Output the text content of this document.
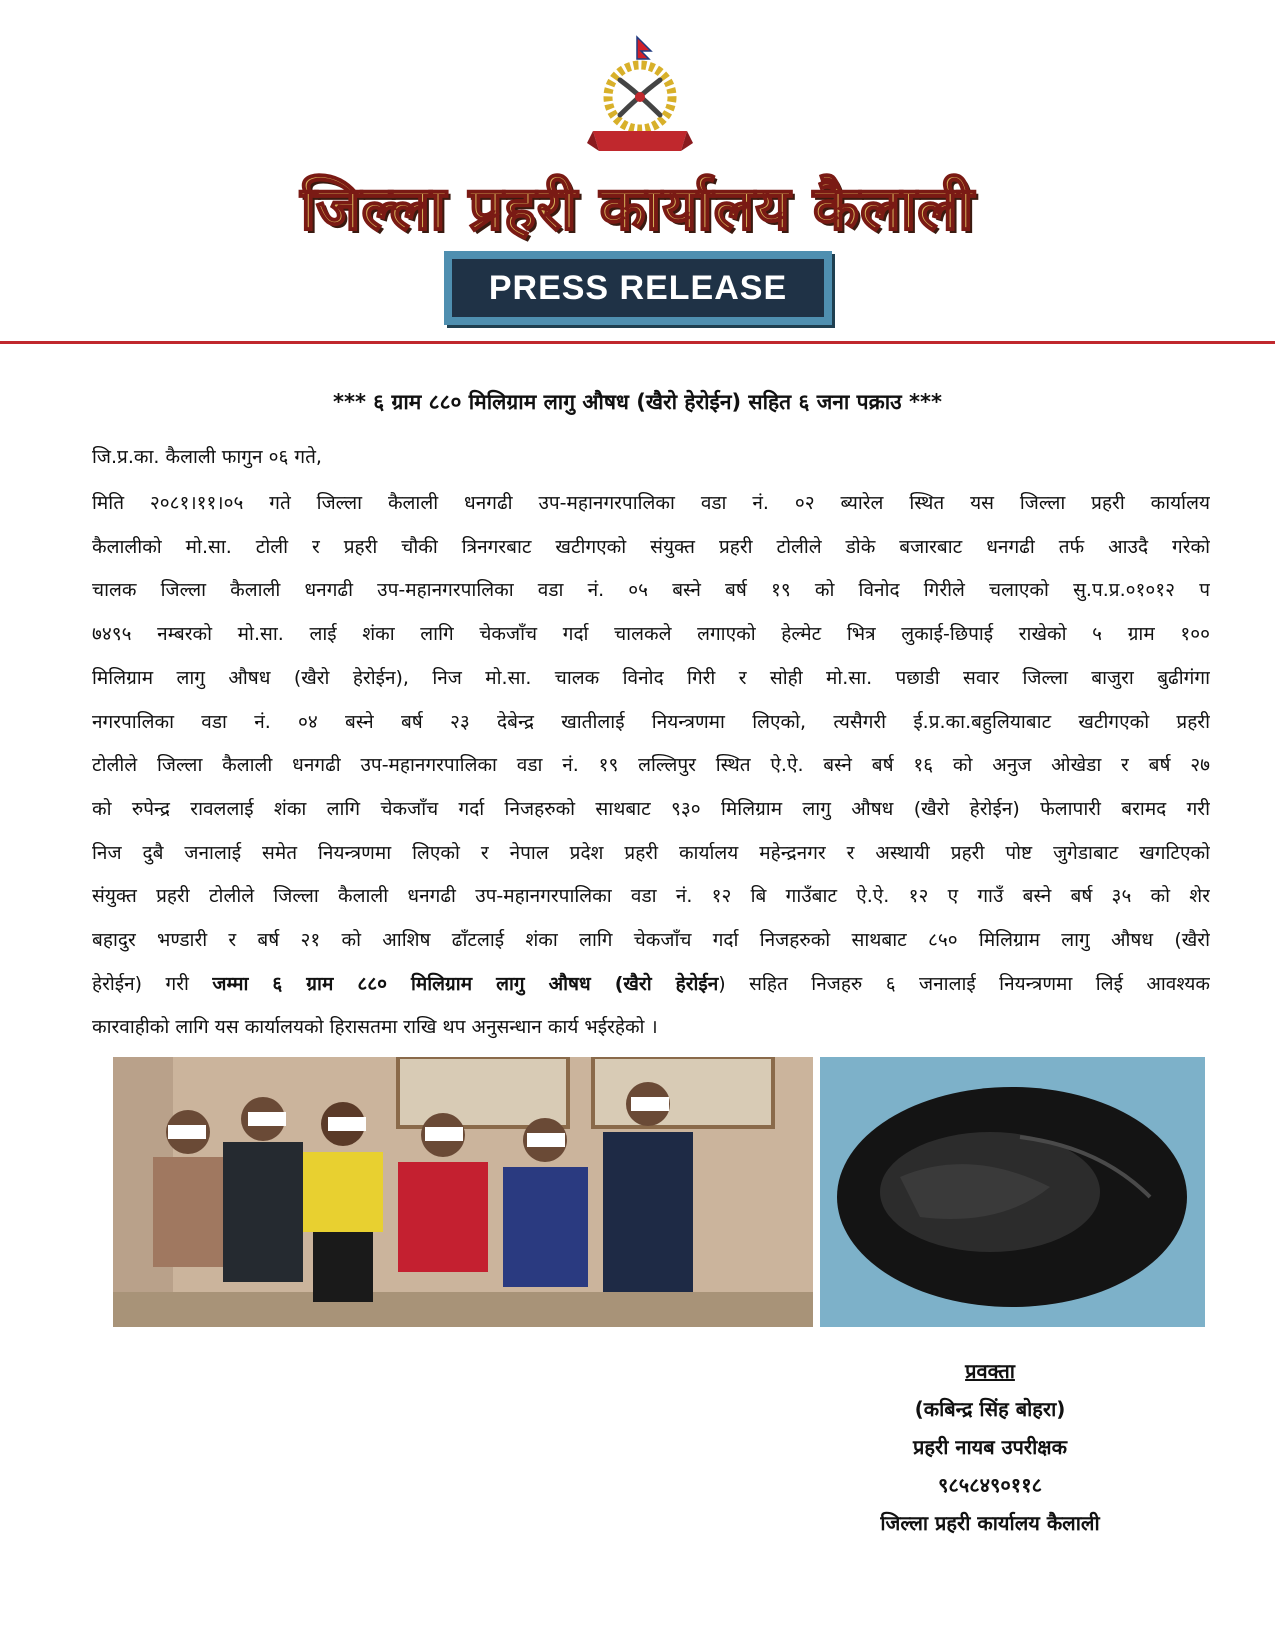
जिल्ला प्रहरी कार्यालय कैलाली
PRESS RELEASE
*** ६ ग्राम ८८० मिलिग्राम लागु औषध (खैरो हेरोईन) सहित ६ जना पक्राउ ***
जि.प्र.का. कैलाली फागुन ०६ गते,
मिति २०८१।११।०५ गते जिल्ला कैलाली धनगढी उप-महानगरपालिका वडा नं. ०२ ब्यारेल स्थित यस जिल्ला प्रहरी कार्यालय
कैलालीको मो.सा. टोली र प्रहरी चौकी त्रिनगरबाट खटीगएको संयुक्त प्रहरी टोलीले डोके बजारबाट धनगढी तर्फ आउदै गरेको
चालक जिल्ला कैलाली धनगढी उप-महानगरपालिका वडा नं. ०५ बस्ने बर्ष १९ को विनोद गिरीले चलाएको सु.प.प्र.०१०१२ प
७४९५ नम्बरको मो.सा. लाई शंका लागि चेकजाँच गर्दा चालकले लगाएको हेल्मेट भित्र लुकाई-छिपाई राखेको ५ ग्राम १००
मिलिग्राम लागु औषध (खैरो हेरोईन), निज मो.सा. चालक विनोद गिरी र सोही मो.सा. पछाडी सवार जिल्ला बाजुरा बुढीगंगा
नगरपालिका वडा नं. ०४ बस्ने बर्ष २३ देबेन्द्र खातीलाई नियन्त्रणमा लिएको, त्यसैगरी ई.प्र.का.बहुलियाबाट खटीगएको प्रहरी
टोलीले जिल्ला कैलाली धनगढी उप-महानगरपालिका वडा नं. १९ लल्लिपुर स्थित ऐ.ऐ. बस्ने बर्ष १६ को अनुज ओखेडा र बर्ष २७
को रुपेन्द्र रावललाई शंका लागि चेकजाँच गर्दा निजहरुको साथबाट ९३० मिलिग्राम लागु औषध (खैरो हेरोईन) फेलापारी बरामद गरी
निज दुबै जनालाई समेत नियन्त्रणमा लिएको र नेपाल प्रदेश प्रहरी कार्यालय महेन्द्रनगर र अस्थायी प्रहरी पोष्ट जुगेडाबाट खगटिएको
संयुक्त प्रहरी टोलीले जिल्ला कैलाली धनगढी उप-महानगरपालिका वडा नं. १२ बि गाउँबाट ऐ.ऐ. १२ ए गाउँ बस्ने बर्ष ३५ को शेर
बहादुर भण्डारी र बर्ष २१ को आशिष ढाँटलाई शंका लागि चेकजाँच गर्दा निजहरुको साथबाट ८५० मिलिग्राम लागु औषध (खैरो
हेरोईन) गरी जम्मा ६ ग्राम ८८० मिलिग्राम लागु औषध (खैरो हेरोईन) सहित निजहरु ६ जनालाई नियन्त्रणमा लिई आवश्यक
कारवाहीको लागि यस कार्यालयको हिरासतमा राखि थप अनुसन्धान कार्य भईरहेको ।
प्रवक्ता
(कबिन्द्र सिंह बोहरा)
प्रहरी नायब उपरीक्षक
९८५८४९०११८
जिल्ला प्रहरी कार्यालय कैलाली
